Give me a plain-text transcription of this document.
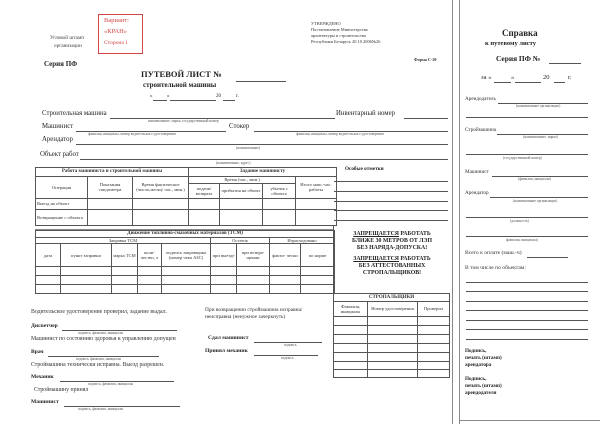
Угловой штамп
организации
Вариант:
«КРАН»
Сторона 1
Серия ПФ
УТВЕРЖДЕНО
Постановление Министерства
архитектуры и строительства
Республики Беларусь 20.10.2006№26
Форма С-20
ПУТЕВОЙ ЛИСТ №
строительной машины
«	»	20	г.
Строительная машина
наименование, марка, государственный номер
Инвентарный номер
Машинист
фамилия, инициалы, номер водительского удостоверения
Стокер
фамилия, инициалы, номер водительского удостоверения
Арендатор
(наименование)
Объект работ
(наименование, адрес)
Работа машиниста и строительной машины			Задание машинисту			
Операция	Показания спидометра	Время фактическое (число,месяц/ час., мин.)	Время (час., мин.)			Итого маш.-час. работы
			подачи/ возврата	прибытия на объект	убытия с объекта	
Выезд на объект						
Возвращение с объекта						
Особые отметки
Движение топливно-смазочных материалов (ТСМ)								
Заправка ТСМ					Остаток		Израсходовано	
дата	пункт заправки	марка ТСМ	коли- чество, л	подпись заправщика (номер чека АЗС)	при выезде	при возвра- щении	факти- чески	по норме

ЗАПРЕЩАЕТСЯ РАБОТАТЬ
БЛИЖЕ 30 МЕТРОВ ОТ ЛЭП
БЕЗ НАРЯДА-ДОПУСКА!
ЗАПРЕЩАЕТСЯ РАБОТАТЬ
БЕЗ АТТЕСТОВАННЫХ
СТРОПАЛЬЩИКОВ!
СТРОПАЛЬЩИКИ		
Фамилия, инициалы	Номер удостоверения	Проверил

Водительское удостоверение проверил, задание выдал.
Диспетчер
подпись, фамилия, инициалы
Машинист по состоянию здоровья к управлению допущен
Врач
подпись, фамилия, инициалы
Строймашина технически исправна. Выезд разрешен.
Механик
подпись, фамилия, инициалы
Строймашину принял
Машинист
подпись, фамилия, инициалы
При возвращении строймашина исправна/
неисправна (ненужное зачеркнуть)
Сдал машинист
подпись
Принял механик
подпись
Справка
к путевому листу
Серия ПФ №
за «	»	20	г.
Арендодатель
(наименование организации)
Строймашина
(наименование, марка)
(государственный номер)
Машинист
(фамилия, инициалы)
Арендатор
(наименование организации)
(должность)
фамилия, инициалы)
Всего к оплате (маш.-ч)
В том числе по объектам:
Подпись,
печать (штамп)
арендатора
Подпись,
печать (штамп)
арендодателя
